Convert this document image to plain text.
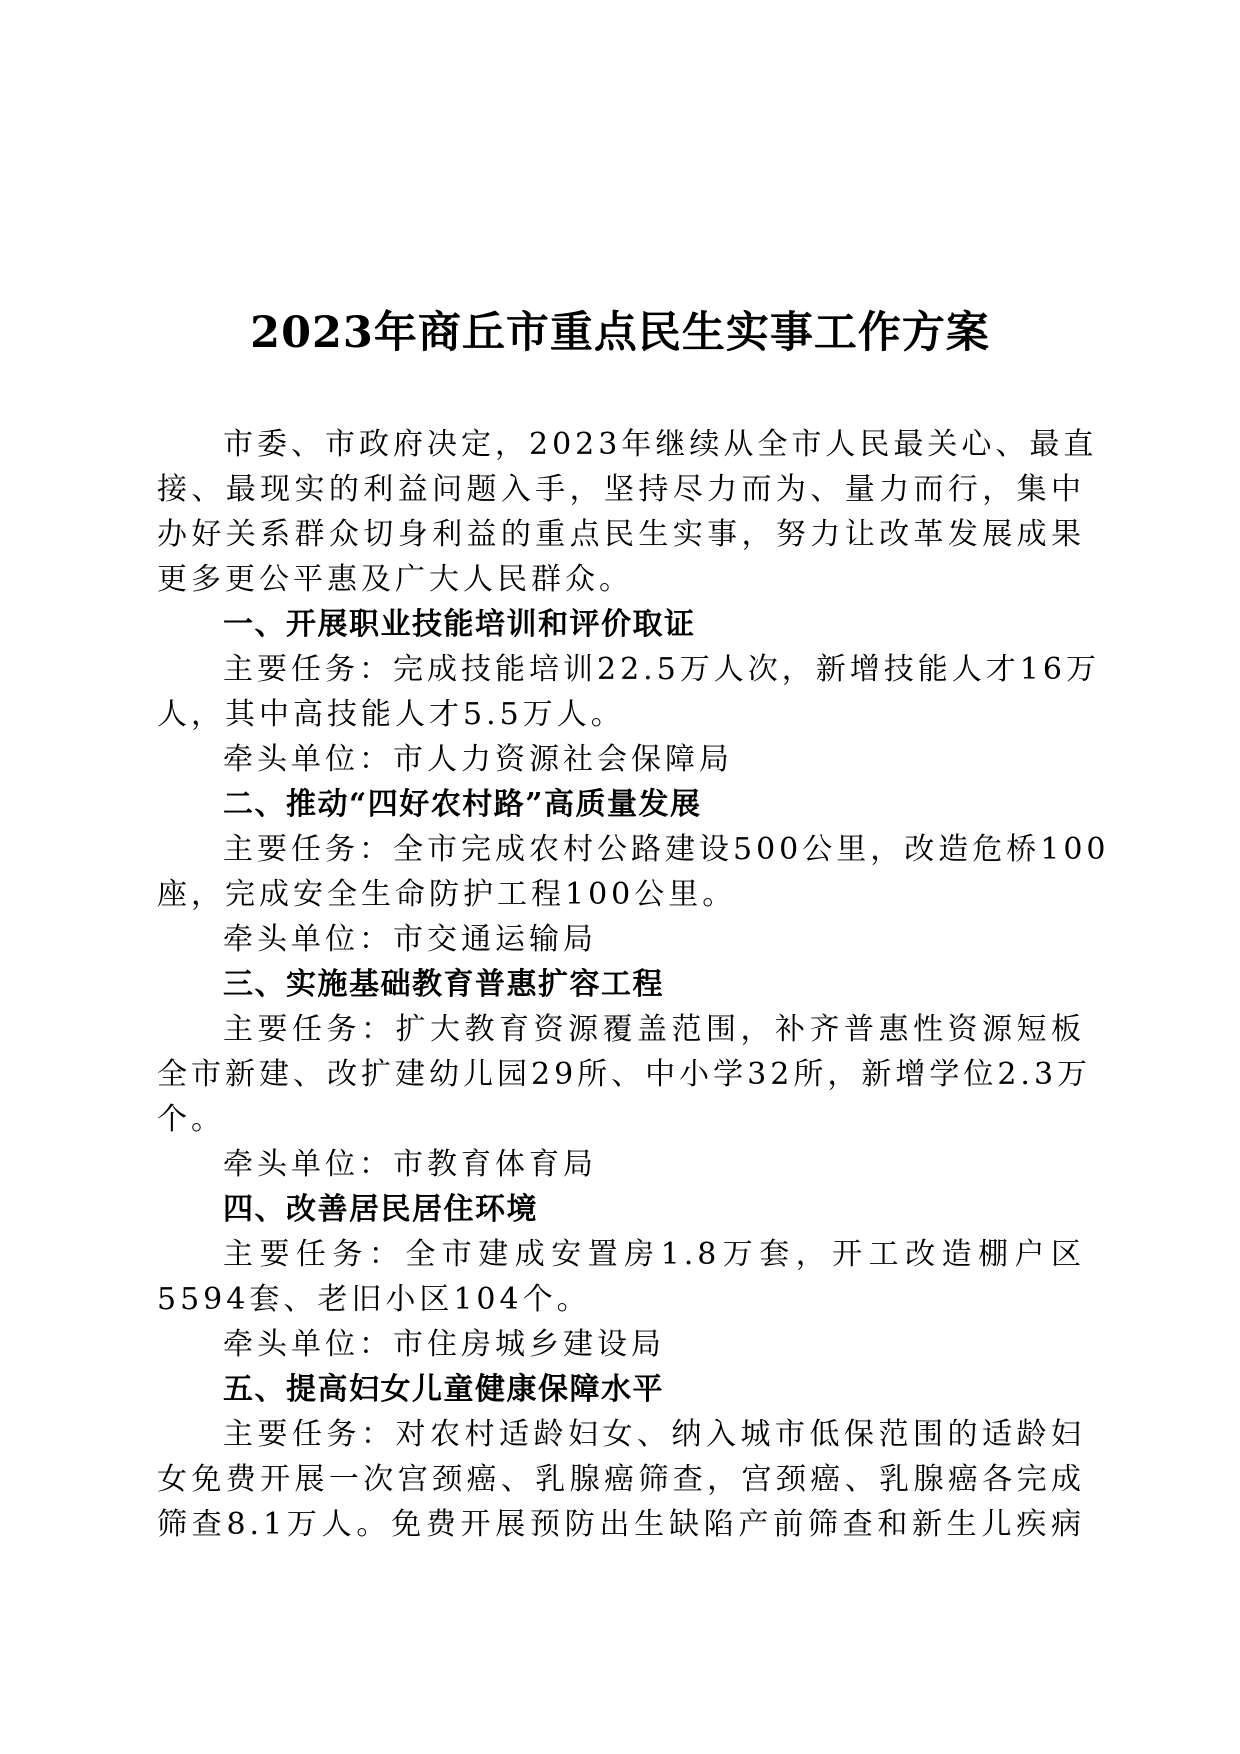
2023年商丘市重点民生实事工作方案
市委、市政府决定，2023年继续从全市人民最关心、最直
接、最现实的利益问题入手，坚持尽力而为、量力而行，集中
办好关系群众切身利益的重点民生实事，努力让改革发展成果
更多更公平惠及广大人民群众。
一、开展职业技能培训和评价取证
主要任务：完成技能培训22.5万人次，新增技能人才16万
人，其中高技能人才5.5万人。
牵头单位：市人力资源社会保障局
二、推动“四好农村路”高质量发展
主要任务：全市完成农村公路建设500公里，改造危桥100
座，完成安全生命防护工程100公里。
牵头单位：市交通运输局
三、实施基础教育普惠扩容工程
主要任务：扩大教育资源覆盖范围，补齐普惠性资源短板
全市新建、改扩建幼儿园29所、中小学32所，新增学位2.3万
个。
牵头单位：市教育体育局
四、改善居民居住环境
主要任务：全市建成安置房1.8万套，开工改造棚户区
5594套、老旧小区104个。
牵头单位：市住房城乡建设局
五、提高妇女儿童健康保障水平
主要任务：对农村适龄妇女、纳入城市低保范围的适龄妇
女免费开展一次宫颈癌、乳腺癌筛查，宫颈癌、乳腺癌各完成
筛查8.1万人。免费开展预防出生缺陷产前筛查和新生儿疾病
